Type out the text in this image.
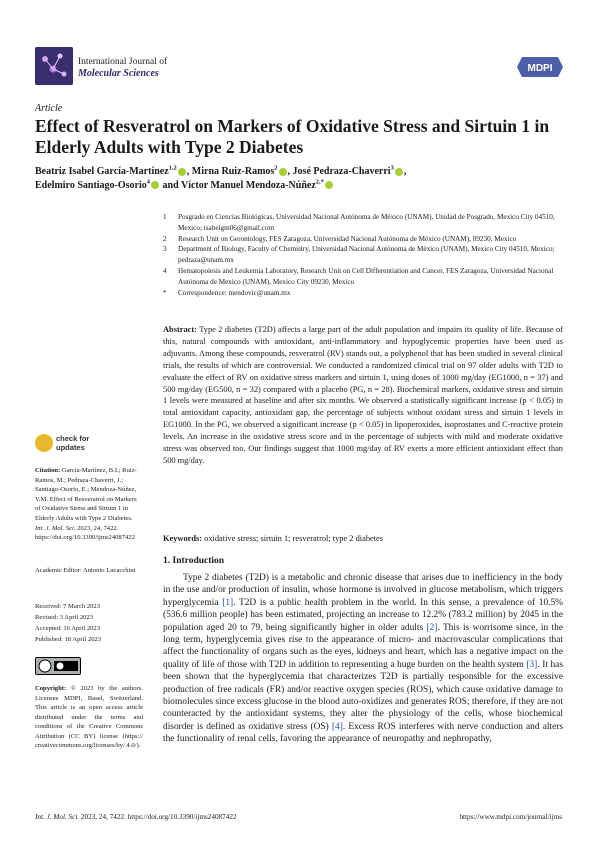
International Journal of
Molecular Sciences	MDPI
Article
Effect of Resveratrol on Markers of Oxidative Stress and Sirtuin 1 in Elderly Adults with Type 2 Diabetes
Beatriz Isabel García-Martínez$^{1,2}$ , Mirna Ruiz-Ramos$^2$ , José Pedraza-Chaverri$^3$ ,
Edelmiro Santiago-Osorio$^4$ and Víctor Manuel Mendoza-Núñez$^{2,*}$
1	Posgrado en Ciencias Biológicas, Universidad Nacional Autónoma de México (UNAM), Unidad de Posgrado, Mexico City 04510, Mexico; isabelgm06@gmail.com
2	Research Unit on Gerontology, FES Zaragoza, Universidad Nacional Autónoma de México (UNAM), 09230, Mexico
3	Department of Biology, Faculty of Chemistry, Universidad Nacional Autónoma de México (UNAM), Mexico City 04510, Mexico; pedraza@unam.mx
4	Hematopoiesis and Leukemia Laboratory, Research Unit on Cell Differentiation and Cancer, FES Zaragoza, Universidad Nacional Autónoma de Mexico (UNAM), Mexico City 09230, Mexico
*	Correspondence: mendovic@unam.mx
Abstract: Type 2 diabetes (T2D) affects a large part of the adult population and impairs its quality of life. Because of this, natural compounds with antioxidant, anti-inflammatory and hypoglycemic properties have been used as adjuvants. Among these compounds, resveratrol (RV) stands out, a polyphenol that has been studied in several clinical trials, the results of which are controversial. We conducted a randomized clinical trial on 97 older adults with T2D to evaluate the effect of RV on oxidative stress markers and sirtuin 1, using doses of 1000 mg/day (EG1000, n = 37) and 500 mg/day (EG500, n = 32) compared with a placebo (PG, n = 28). Biochemical markers, oxidative stress and sirtuin 1 levels were measured at baseline and after six months. We observed a statistically significant increase (p < 0.05) in total antioxidant capacity, antioxidant gap, the percentage of subjects without oxidant stress and sirtuin 1 levels in EG1000. In the PG, we observed a significant increase (p < 0.05) in lipoperoxides, isoprostanes and C-reactive protein levels. An increase in the oxidative stress score and in the percentage of subjects with mild and moderate oxidative stress was observed too. Our findings suggest that 1000 mg/day of RV exerts a more efficient antioxidant effect than 500 mg/day.
Keywords: oxidative stress; sirtuin 1; resveratrol; type 2 diabetes
check for
updates
Citation: García-Martínez, B.I.; Ruiz-Ramos, M.; Pedraza-Chaverri, J.; Santiago-Osorio, E.; Mendoza-Núñez, V.M. Effect of Resveratrol on Markers of Oxidative Stress and Sirtuin 1 in Elderly Adults with Type 2 Diabetes. Int. J. Mol. Sci. 2023, 24, 7422. https://doi.org/10.3390/ijms24087422
Academic Editor: Antonio Lucacchini
Received: 7 March 2023
Revised: 3 April 2023
Accepted: 16 April 2023
Published: 18 April 2023
Copyright: © 2023 by the authors. Licensee MDPI, Basel, Switzerland. This article is an open access article distributed under the terms and conditions of the Creative Commons Attribution (CC BY) license (https:// creativecommons.org/licenses/by/ 4.0/).
1. Introduction

Type 2 diabetes (T2D) is a metabolic and chronic disease that arises due to inefficiency in the body in the use and/or production of insulin, whose hormone is involved in glucose metabolism, which triggers hyperglycemia [1]. T2D is a public health problem in the world. In this sense, a prevalence of 10.5% (536.6 million people) has been estimated, projecting an increase to 12.2% (783.2 million) by 2045 in the population aged 20 to 79, being significantly higher in older adults [2]. This is worrisome since, in the long term, hyperglycemia gives rise to the appearance of micro- and macrovascular complications that affect the functionality of organs such as the eyes, kidneys and heart, which has a negative impact on the quality of life of those with T2D in addition to representing a huge burden on the health system [3]. It has been shown that the hyperglycemia that characterizes T2D is partially responsible for the excessive production of free radicals (FR) and/or reactive oxygen species (ROS), which cause oxidative damage to biomolecules since excess glucose in the blood auto-oxidizes and generates ROS; therefore, if they are not counteracted by the antioxidant systems, they alter the physiology of the cells, whose biochemical disorder is defined as oxidative stress (OS) [4]. Excess ROS interferes with nerve conduction and alters the functionality of renal cells, favoring the appearance of neuropathy and nephropathy,

Int. J. Mol. Sci. 2023, 24, 7422. https://doi.org/10.3390/ijms24087422	https://www.mdpi.com/journal/ijms
